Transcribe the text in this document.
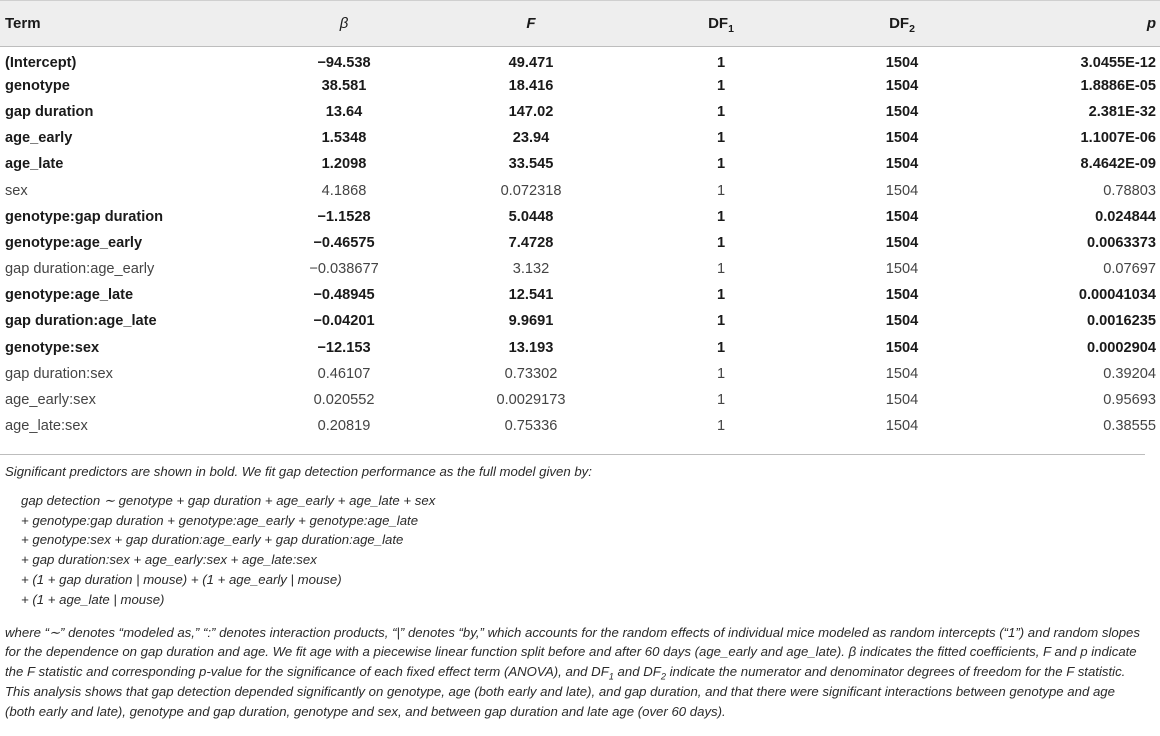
Term	β	F	$DF_1$	$DF_2$	p
(Intercept)	−94.538	49.471	1	1504	3.0455E-12
genotype	38.581	18.416	1	1504	1.8886E-05
gap duration	13.64	147.02	1	1504	2.381E-32
age_early	1.5348	23.94	1	1504	1.1007E-06
age_late	1.2098	33.545	1	1504	8.4642E-09
sex	4.1868	0.072318	1	1504	0.78803
genotype:gap duration	−1.1528	5.0448	1	1504	0.024844
genotype:age_early	−0.46575	7.4728	1	1504	0.0063373
gap duration:age_early	−0.038677	3.132	1	1504	0.07697
genotype:age_late	−0.48945	12.541	1	1504	0.00041034
gap duration:age_late	−0.04201	9.9691	1	1504	0.0016235
genotype:sex	−12.153	13.193	1	1504	0.0002904
gap duration:sex	0.46107	0.73302	1	1504	0.39204
age_early:sex	0.020552	0.0029173	1	1504	0.95693
age_late:sex	0.20819	0.75336	1	1504	0.38555

Significant predictors are shown in bold. We fit gap detection performance as the full model given by:

gap detection ∼ genotype + gap duration + age_early + age_late + sex
+ genotype:gap duration + genotype:age_early + genotype:age_late
+ genotype:sex + gap duration:age_early + gap duration:age_late
+ gap duration:sex + age_early:sex + age_late:sex
+ (1 + gap duration | mouse) + (1 + age_early | mouse)
+ (1 + age_late | mouse)

where “∼” denotes “modeled as,” “:” denotes interaction products, “|” denotes “by,” which accounts for the random effects of individual mice modeled as random intercepts (“1”) and random slopes for the dependence on gap duration and age. We fit age with a piecewise linear function split before and after 60 days (age_early and age_late). β indicates the fitted coefficients, F and p indicate the F statistic and corresponding p-value for the significance of each fixed effect term (ANOVA), and $DF_1$ and $DF_2$ indicate the numerator and denominator degrees of freedom for the F statistic. This analysis shows that gap detection depended significantly on genotype, age (both early and late), and gap duration, and that there were significant interactions between genotype and age (both early and late), genotype and gap duration, genotype and sex, and between gap duration and late age (over 60 days).
